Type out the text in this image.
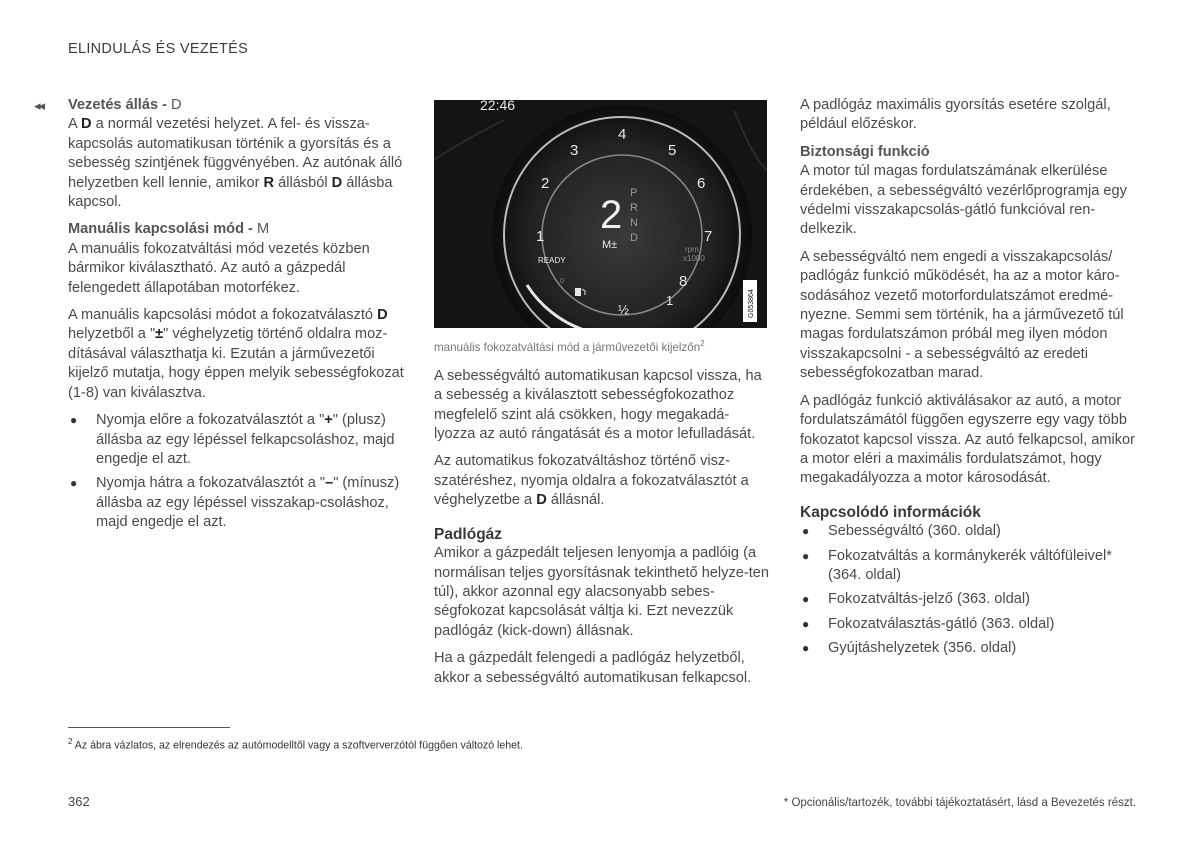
ELINDULÁS ÉS VEZETÉS
◂◂ Vezetés állás - D

A D a normál vezetési helyzet. A fel- és vissza-kapcsolás automatikusan történik a gyorsítás és a sebesség szintjének függvényében. Az autónak álló helyzetben kell lennie, amikor R állásból D állásba kapcsol.

Manuális kapcsolási mód - M

A manuális fokozatváltási mód vezetés közben bármikor kiválasztható. Az autó a gázpedál felengedett állapotában motorfékez.

A manuális kapcsolási módot a fokozatválasztó D helyzetből a "±" véghelyzetig történő oldalra moz-dításával választhatja ki. Ezután a járművezetői kijelző mutatja, hogy éppen melyik sebességfokozat (1-8) van kiválasztva.

● Nyomja előre a fokozatválasztót a "+" (plusz) állásba az egy lépéssel felkapcsoláshoz, majd engedje el azt.
● Nyomja hátra a fokozatválasztót a "–" (mínusz) állásba az egy lépéssel visszakap-csoláshoz, majd engedje el azt.
22:46
1
2
3
4
5
6
7
8
2
M±
P
R
N
D
rpm
x1000
READY
0
½
1	G053864
manuális fokozatváltási mód a járművezetői kijelzőn$^2$

A sebességváltó automatikusan kapcsol vissza, ha a sebesség a kiválasztott sebességfokozathoz megfelelő szint alá csökken, hogy megakadá-lyozza az autó rángatását és a motor lefulladását.

Az automatikus fokozatváltáshoz történő visz-szatéréshez, nyomja oldalra a fokozatválasztót a véghelyzetbe a D állásnál.

Padlógáz

Amikor a gázpedált teljesen lenyomja a padlóig (a normálisan teljes gyorsításnak tekinthető helyze-ten túl), akkor azonnal egy alacsonyabb sebes-ségfokozat kapcsolását váltja ki. Ezt nevezzük padlógáz (kick-down) állásnak.

Ha a gázpedált felengedi a padlógáz helyzetből, akkor a sebességváltó automatikusan felkapcsol.

A padlógáz maximális gyorsítás esetére szolgál, például előzéskor.

Biztonsági funkció

A motor túl magas fordulatszámának elkerülése érdekében, a sebességváltó vezérlőprogramja egy védelmi visszakapcsolás-gátló funkcióval ren-delkezik.

A sebességváltó nem engedi a visszakapcsolás/ padlógáz funkció működését, ha az a motor káro-sodásához vezető motorfordulatszámot eredmé-nyezne. Semmi sem történik, ha a járművezető túl magas fordulatszámon próbál meg ilyen módon visszakapcsolni - a sebességváltó az eredeti sebességfokozatban marad.

A padlógáz funkció aktiválásakor az autó, a motor fordulatszámától függően egyszerre egy vagy több fokozatot kapcsol vissza. Az autó felkapcsol, amikor a motor eléri a maximális fordulatszámot, hogy megakadályozza a motor károsodását.

Kapcsolódó információk
● Sebességváltó (360. oldal)
● Fokozatváltás a kormánykerék váltófüleivel* (364. oldal)
● Fokozatváltás-jelző (363. oldal)
● Fokozatválasztás-gátló (363. oldal)
● Gyújtáshelyzetek (356. oldal)
$^2$ Az ábra vázlatos, az elrendezés az autómodelltől vagy a szoftververzótól függően változó lehet.
362	* Opcionális/tartozék, további tájékoztatásért, lásd a Bevezetés részt.
